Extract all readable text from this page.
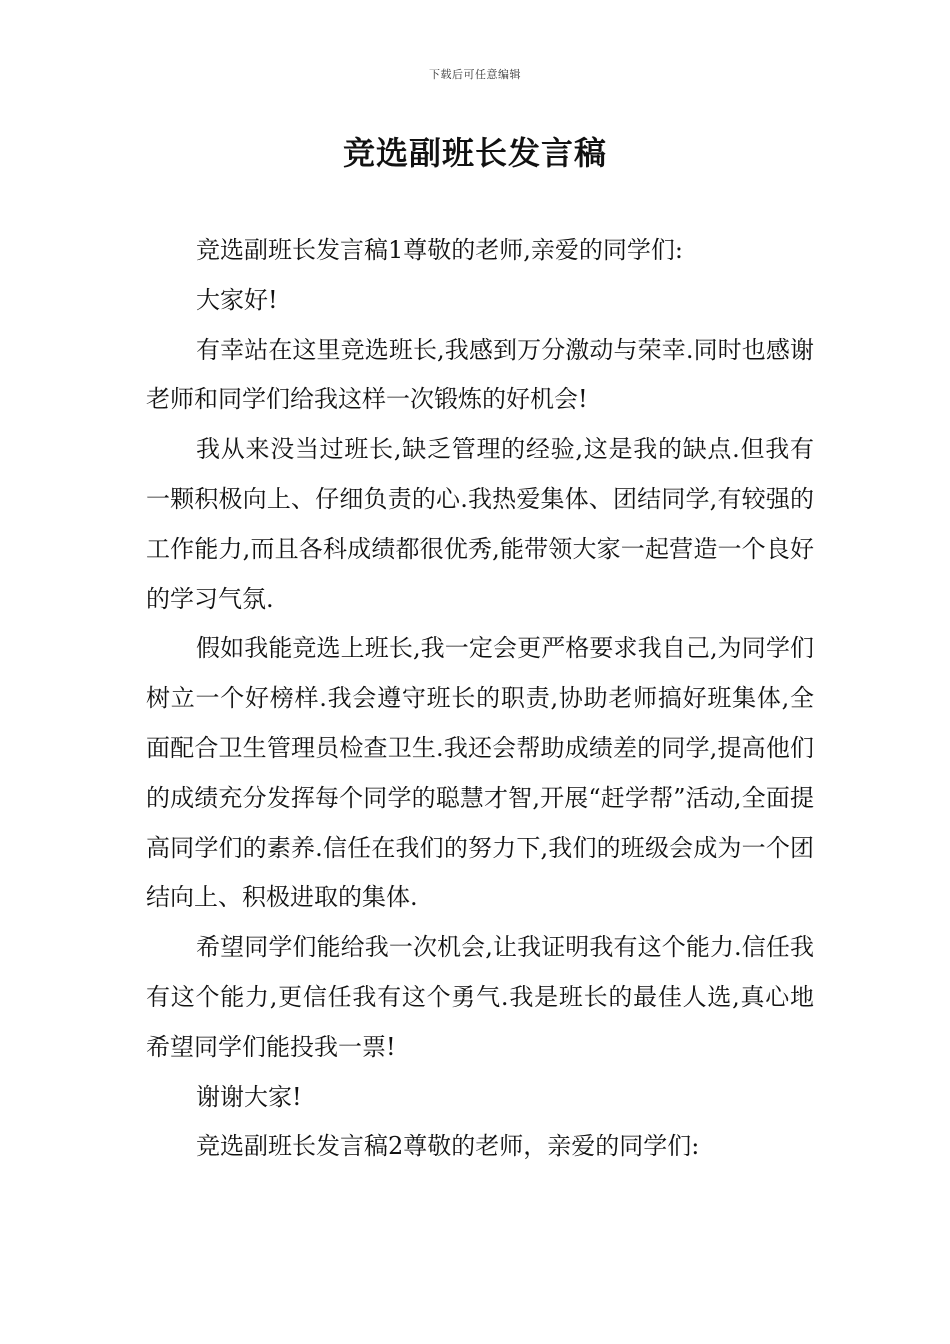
下载后可任意编辑
竞选副班长发言稿

竞选副班长发言稿1尊敬的老师,亲爱的同学们:

大家好!

有幸站在这里竞选班长,我感到万分激动与荣幸.同时也感谢老师和同学们给我这样一次锻炼的好机会!

我从来没当过班长,缺乏管理的经验,这是我的缺点.但我有一颗积极向上、仔细负责的心.我热爱集体、团结同学,有较强的工作能力,而且各科成绩都很优秀,能带领大家一起营造一个良好的学习气氛.

假如我能竞选上班长,我一定会更严格要求我自己,为同学们树立一个好榜样.我会遵守班长的职责,协助老师搞好班集体,全面配合卫生管理员检查卫生.我还会帮助成绩差的同学,提高他们的成绩充分发挥每个同学的聪慧才智,开展“赶学帮”活动,全面提高同学们的素养.信任在我们的努力下,我们的班级会成为一个团结向上、积极进取的集体.

希望同学们能给我一次机会,让我证明我有这个能力.信任我有这个能力,更信任我有这个勇气.我是班长的最佳人选,真心地希望同学们能投我一票!

谢谢大家!

竞选副班长发言稿2尊敬的老师，亲爱的同学们:
